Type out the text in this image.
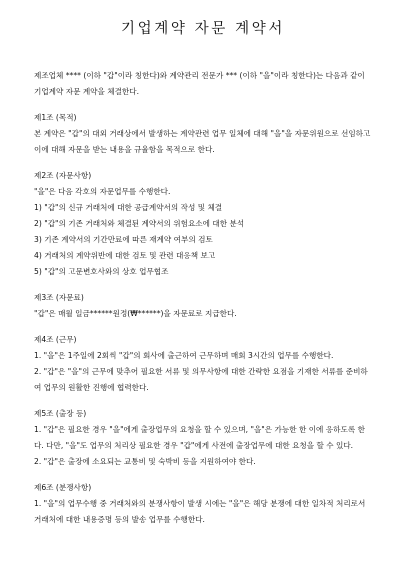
기업계약 자문 계약서
제조업체 **** (이하 "갑"이라 칭한다)와 계약관리 전문가 *** (이하 "을"이라 칭한다)는 다음과 같이 기업계약 자문 계약을 체결한다.
제1조 (목적)
본 계약은 "갑"의 대외 거래상에서 발생하는 계약관련 업무 일체에 대해 "을"을 자문위원으로 선임하고 이에 대해 자문을 받는 내용을 규율함을 목적으로 한다.
제2조 (자문사항)
"을"은 다음 각호의 자문업무를 수행한다.
1) "갑"의 신규 거래처에 대한 공급계약서의 작성 및 체결
2) "갑"의 기존 거래처와 체결된 계약서의 위험요소에 대한 분석
3) 기존 계약서의 기간만료에 따른 재계약 여부의 검토
4) 거래처의 계약위반에 대한 검토 및 관련 대응책 보고
5) "갑"의 고문변호사와의 상호 업무협조
제3조 (자문료)
"갑"은 매월 일금******원정(₩******)을 자문료로 지급한다.
제4조 (근무)
1. "을"은 1주일에 2회씩 "갑"의 회사에 출근하여 근무하며 매회 3시간의 업무를 수행한다.
2. "갑"은 "을"의 근무에 맞추어 필요한 서류 및 의무사항에 대한 간략한 요점을 기재한 서류를 준비하여 업무의 원활한 진행에 협력한다.
제5조 (출장 등)
1. "갑"은 필요한 경우 "을"에게 출장업무의 요청을 할 수 있으며, "을"은 가능한 한 이에 응하도록 한다. 다만, "을"도 업무의 처리상 필요한 경우 "갑"에게 사전에 출장업무에 대한 요청을 할 수 있다.
2. "갑"은 출장에 소요되는 교통비 및 숙박비 등을 지원하여야 한다.
제6조 (분쟁사항)
1. "을"의 업무수행 중 거래처와의 분쟁사항이 발생 시에는 "을"은 해당 분쟁에 대한 일차적 처리로서 거래처에 대한 내용증명 등의 발송 업무를 수행한다.
